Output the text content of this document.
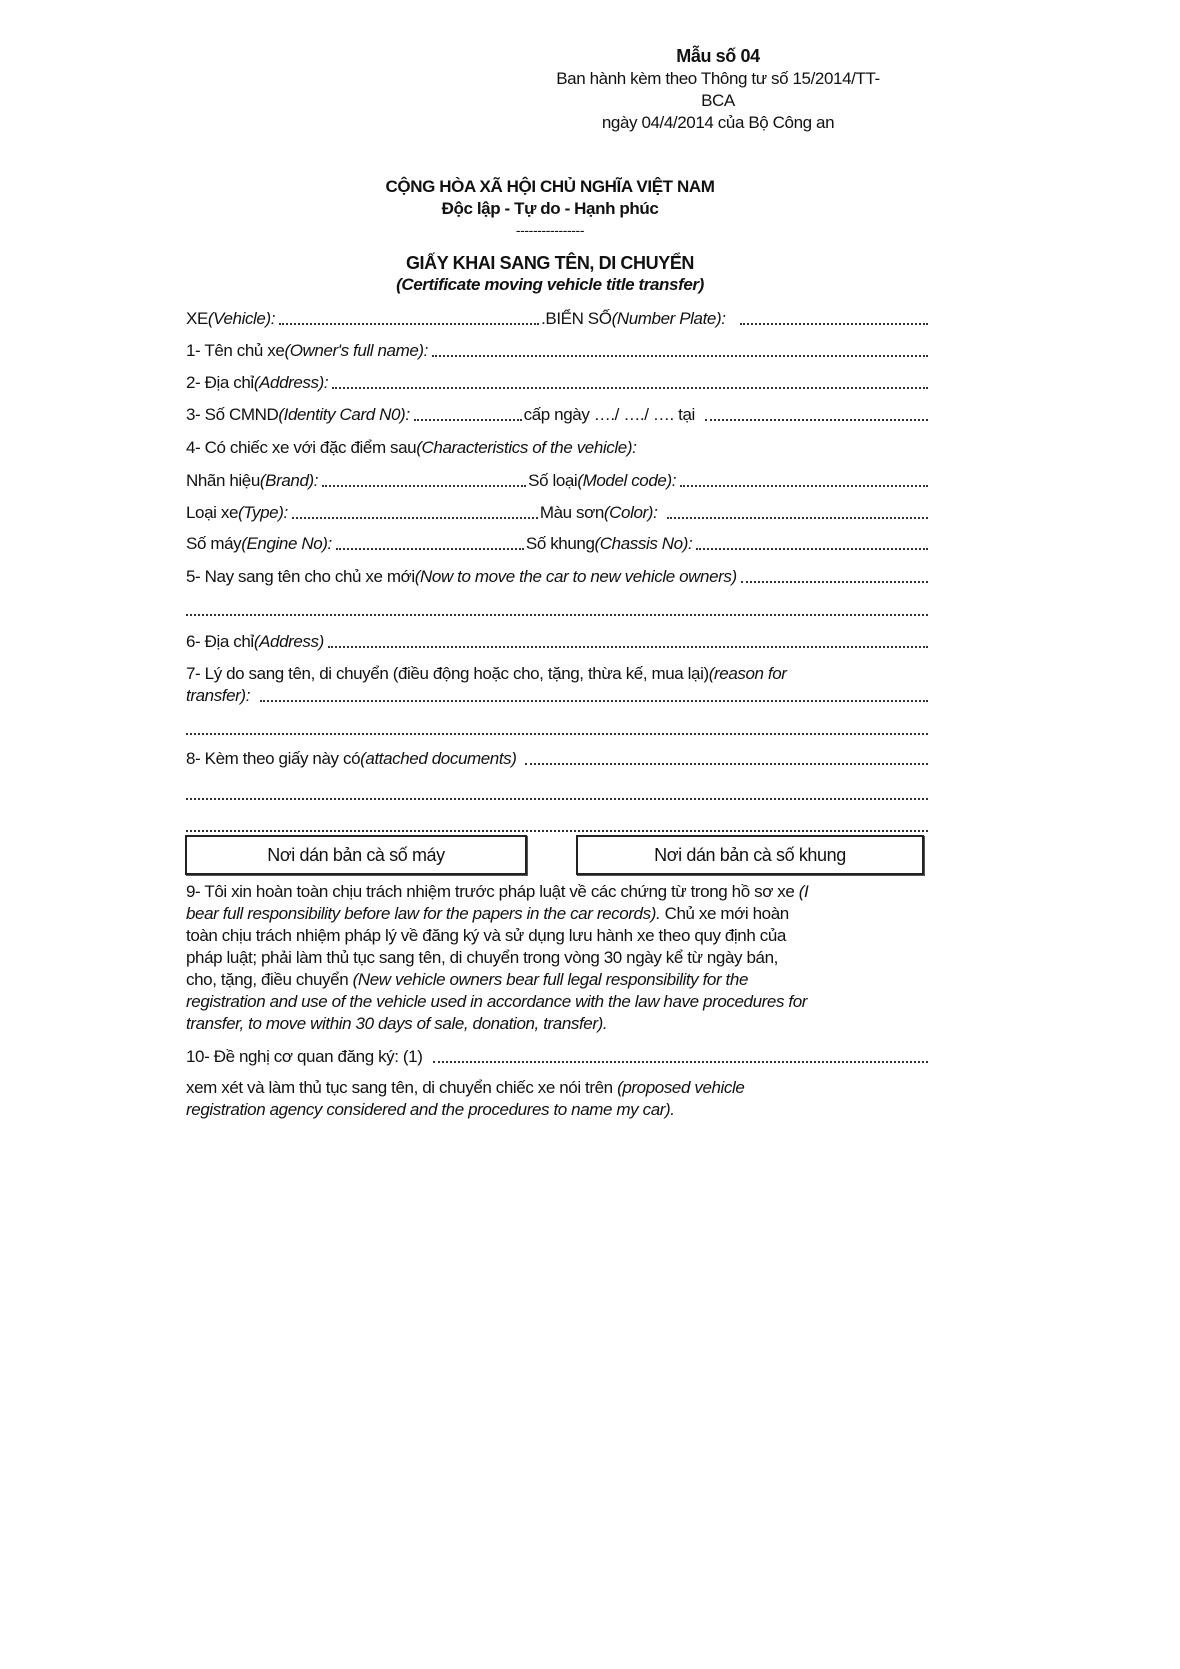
Mẫu số 04
Ban hành kèm theo Thông tư số 15/2014/TT-
BCA
ngày 04/4/2014 của Bộ Công an
CỘNG HÒA XÃ HỘI CHỦ NGHĨA VIỆT NAM
Độc lập - Tự do - Hạnh phúc
----------------
GIẤY KHAI SANG TÊN, DI CHUYỂN
(Certificate moving vehicle title transfer)
XE (Vehicle):	.BIỂN SỐ (Number Plate):
1- Tên chủ xe (Owner's full name):
2- Địa chỉ (Address):
3- Số CMND (Identity Card N0):	cấp ngày …./ …./ …. tại
4- Có chiếc xe với đặc điểm sau (Characteristics of the vehicle):
Nhãn hiệu (Brand):	Số loại (Model code):
Loại xe (Type):	Màu sơn (Color):
Số máy (Engine No):	Số khung (Chassis No):
5- Nay sang tên cho chủ xe mới (Now to move the car to new vehicle owners)
6- Địa chỉ (Address)
7- Lý do sang tên, di chuyển (điều động hoặc cho, tặng, thừa kế, mua lại) (reason for
transfer):
8- Kèm theo giấy này có (attached documents)
Nơi dán bản cà số máy	Nơi dán bản cà số khung
9- Tôi xin hoàn toàn chịu trách nhiệm trước pháp luật về các chứng từ trong hồ sơ xe (I
bear full responsibility before law for the papers in the car records). Chủ xe mới hoàn
toàn chịu trách nhiệm pháp lý về đăng ký và sử dụng lưu hành xe theo quy định của
pháp luật; phải làm thủ tục sang tên, di chuyển trong vòng 30 ngày kể từ ngày bán,
cho, tặng, điều chuyển (New vehicle owners bear full legal responsibility for the
registration and use of the vehicle used in accordance with the law have procedures for
transfer, to move within 30 days of sale, donation, transfer).
10- Đề nghị cơ quan đăng ký: (1)
xem xét và làm thủ tục sang tên, di chuyển chiếc xe nói trên (proposed vehicle
registration agency considered and the procedures to name my car).
